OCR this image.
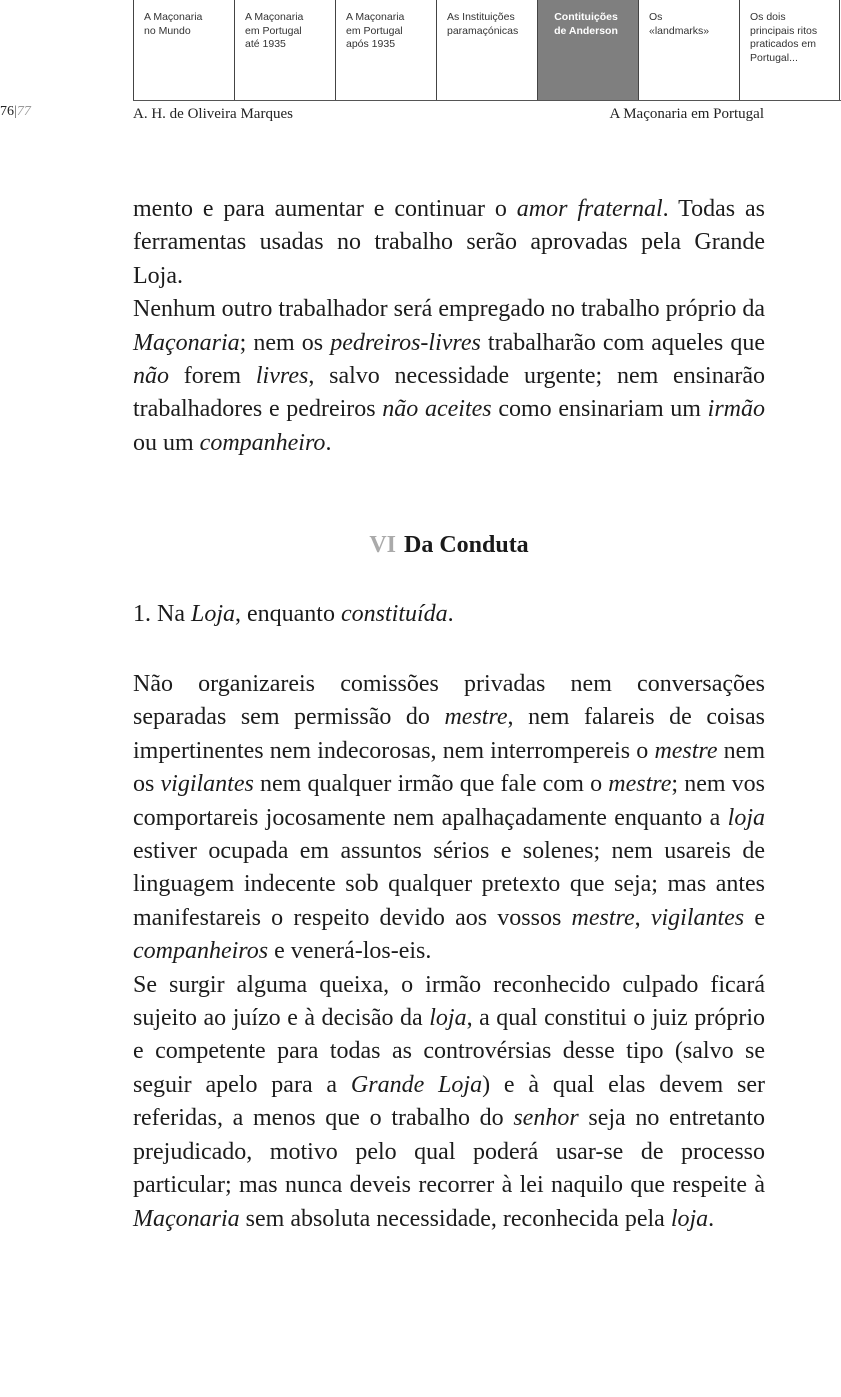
A Maçonaria
no Mundo
A Maçonaria
em Portugal
até 1935
A Maçonaria
em Portugal
após 1935
As Instituições
paramaçónicas
Contituições
de Anderson
Os
«landmarks»
Os dois
principais ritos
praticados em
Portugal...
76|77	A. H. de Oliveira Marques	A Maçonaria em Portugal

mento e para aumentar e continuar o amor fraternal. Todas as ferramentas usadas no trabalho serão aprovadas pela Grande Loja.

Nenhum outro trabalhador será empregado no trabalho próprio da Maçonaria; nem os pedreiros-livres trabalharão com aqueles que não forem livres, salvo necessidade urgente; nem ensinarão trabalhadores e pedreiros não aceites como ensinariam um irmão ou um companheiro.

VI Da Conduta
1. Na Loja, enquanto constituída.

Não organizareis comissões privadas nem conversações separadas sem permissão do mestre, nem falareis de coisas impertinentes nem indecorosas, nem interrompereis o mestre nem os vigilantes nem qualquer irmão que fale com o mestre; nem vos comportareis jocosamente nem apalhaçadamente enquanto a loja estiver ocupada em assuntos sérios e solenes; nem usareis de linguagem indecente sob qualquer pretexto que seja; mas antes manifestareis o respeito devido aos vossos mestre, vigilantes e companheiros e venerá-los-eis.

Se surgir alguma queixa, o irmão reconhecido culpado ficará sujeito ao juízo e à decisão da loja, a qual constitui o juiz próprio e competente para todas as controvérsias desse tipo (salvo se seguir apelo para a Grande Loja) e à qual elas devem ser referidas, a menos que o trabalho do senhor seja no entretanto prejudicado, motivo pelo qual poderá usar-se de processo particular; mas nunca deveis recorrer à lei naquilo que respeite à Maçonaria sem absoluta necessidade, reconhecida pela loja.
